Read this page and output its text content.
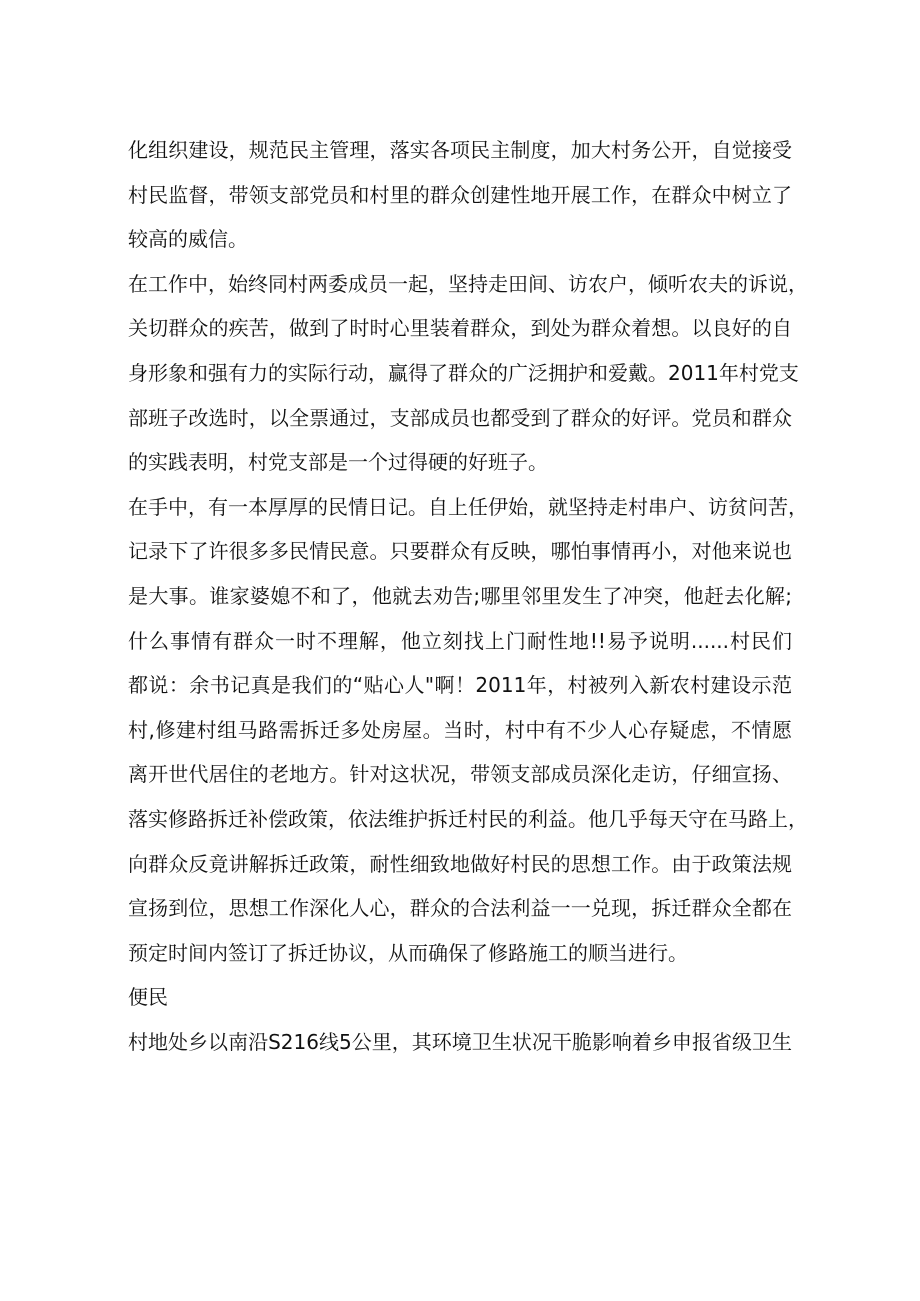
化组织建设，规范民主管理，落实各项民主制度，加大村务公开，自觉接受
村民监督，带领支部党员和村里的群众创建性地开展工作，在群众中树立了
较高的威信。
在工作中，始终同村两委成员一起，坚持走田间、访农户，倾听农夫的诉说，
关切群众的疾苦，做到了时时心里装着群众，到处为群众着想。以良好的自
身形象和强有力的实际行动，赢得了群众的广泛拥护和爱戴。2011年村党支
部班子改选时，以全票通过，支部成员也都受到了群众的好评。党员和群众
的实践表明，村党支部是一个过得硬的好班子。
在手中，有一本厚厚的民情日记。自上任伊始，就坚持走村串户、访贫问苦，
记录下了许很多多民情民意。只要群众有反映，哪怕事情再小，对他来说也
是大事。谁家婆媳不和了，他就去劝告;哪里邻里发生了冲突，他赶去化解;
什么事情有群众一时不理解，他立刻找上门耐性地!!易予说明......村民们
都说：余书记真是我们的“贴心人"啊！2011年，村被列入新农村建设示范
村,修建村组马路需拆迁多处房屋。当时，村中有不少人心存疑虑，不情愿
离开世代居住的老地方。针对这状况，带领支部成员深化走访，仔细宣扬、
落实修路拆迁补偿政策，依法维护拆迁村民的利益。他几乎每天守在马路上，
向群众反竟讲解拆迁政策，耐性细致地做好村民的思想工作。由于政策法规
宣扬到位，思想工作深化人心，群众的合法利益一一兑现，拆迁群众全都在
预定时间内签订了拆迁协议，从而确保了修路施工的顺当进行。
便民
村地处乡以南沿S216线5公里，其环境卫生状况干脆影响着乡申报省级卫生
